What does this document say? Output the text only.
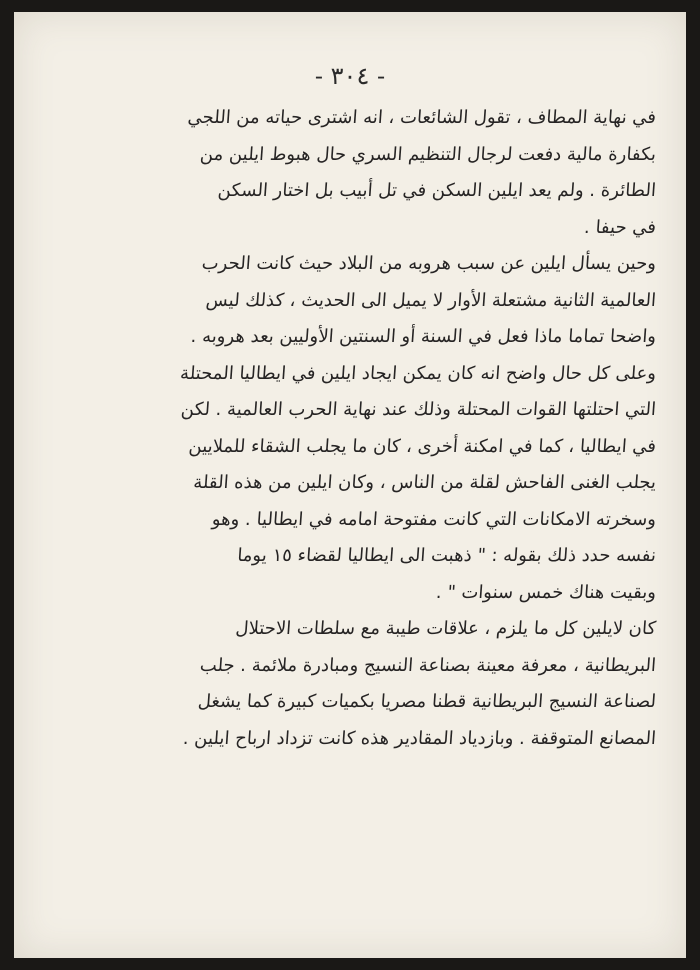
- ٣٠٤ -
في نهاية المطاف ، تقول الشائعات ، انه اشترى حياته من اللجي
بكفارة مالية دفعت لرجال التنظيم السري حال هبوط ايلين من
الطائرة . ولم يعد ايلين السكن في تل أبيب بل اختار السكن
في حيفا .
وحين يسأل ايلين عن سبب هروبه من البلاد حيث كانت الحرب
العالمية الثانية مشتعلة الأوار لا يميل الى الحديث ، كذلك ليس
واضحا تماما ماذا فعل في السنة أو السنتين الأوليين بعد هروبه .
وعلى كل حال واضح انه كان يمكن ايجاد ايلين في ايطاليا المحتلة
التي احتلتها القوات المحتلة وذلك عند نهاية الحرب العالمية . لكن
في ايطاليا ، كما في امكنة أخرى ، كان ما يجلب الشقاء للملايين
يجلب الغنى الفاحش لقلة من الناس ، وكان ايلين من هذه القلة
وسخرته الامكانات التي كانت مفتوحة امامه في ايطاليا . وهو
نفسه حدد ذلك بقوله : " ذهبت الى ايطاليا لقضاء ١٥ يوما
وبقيت هناك خمس سنوات " .
كان لايلين كل ما يلزم ، علاقات طيبة مع سلطات الاحتلال
البريطانية ، معرفة معينة بصناعة النسيج ومبادرة ملائمة . جلب
لصناعة النسيج البريطانية قطنا مصريا بكميات كبيرة كما يشغل
المصانع المتوقفة . وبازدياد المقادير هذه كانت تزداد ارباح ايلين .
